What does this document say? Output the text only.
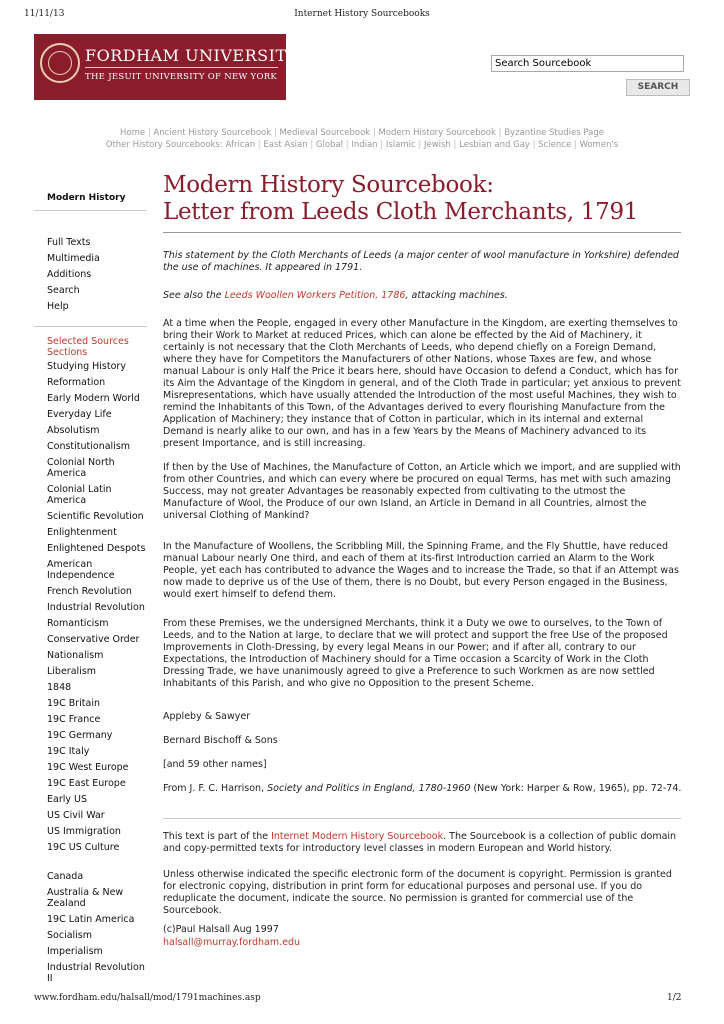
11/11/13	Internet History Sourcebooks
www.fordham.edu/halsall/mod/1791machines.asp	1/2
FORDHAM UNIVERSITY
THE JESUIT UNIVERSITY OF NEW YORK
Search Sourcebook
SEARCH
Home | Ancient History Sourcebook | Medieval Sourcebook | Modern History Sourcebook | Byzantine Studies Page
Other History Sourcebooks: African | East Asian | Global | Indian | Islamic | Jewish | Lesbian and Gay | Science | Women's
Modern History
Full Texts
Multimedia
Additions
Search
Help
Selected Sources Sections
Studying History
Reformation
Early Modern World
Everyday Life
Absolutism
Constitutionalism
Colonial North America
Colonial Latin America
Scientific Revolution
Enlightenment
Enlightened Despots
American Independence
French Revolution
Industrial Revolution
Romanticism
Conservative Order
Nationalism
Liberalism
1848
19C Britain
19C France
19C Germany
19C Italy
19C West Europe
19C East Europe
Early US
US Civil War
US Immigration
19C US Culture
Canada
Australia & New Zealand
19C Latin America
Socialism
Imperialism
Industrial Revolution II
Modern History Sourcebook:
Letter from Leeds Cloth Merchants, 1791

This statement by the Cloth Merchants of Leeds (a major center of wool manufacture in Yorkshire) defended the use of machines. It appeared in 1791.

See also the Leeds Woollen Workers Petition, 1786, attacking machines.

At a time when the People, engaged in every other Manufacture in the Kingdom, are exerting themselves to bring their Work to Market at reduced Prices, which can alone be effected by the Aid of Machinery, it certainly is not necessary that the Cloth Merchants of Leeds, who depend chiefly on a Foreign Demand, where they have for Competitors the Manufacturers of other Nations, whose Taxes are few, and whose manual Labour is only Half the Price it bears here, should have Occasion to defend a Conduct, which has for its Aim the Advantage of the Kingdom in general, and of the Cloth Trade in particular; yet anxious to prevent Misrepresentations, which have usually attended the Introduction of the most useful Machines, they wish to remind the Inhabitants of this Town, of the Advantages derived to every flourishing Manufacture from the Application of Machinery; they instance that of Cotton in particular, which in its internal and external Demand is nearly alike to our own, and has in a few Years by the Means of Machinery advanced to its present Importance, and is still increasing.

If then by the Use of Machines, the Manufacture of Cotton, an Article which we import, and are supplied with from other Countries, and which can every where be procured on equal Terms, has met with such amazing Success, may not greater Advantages be reasonably expected from cultivating to the utmost the Manufacture of Wool, the Produce of our own Island, an Article in Demand in all Countries, almost the universal Clothing of Mankind?

In the Manufacture of Woollens, the Scribbling Mill, the Spinning Frame, and the Fly Shuttle, have reduced manual Labour nearly One third, and each of them at its-first Introduction carried an Alarm to the Work People, yet each has contributed to advance the Wages and to increase the Trade, so that if an Attempt was now made to deprive us of the Use of them, there is no Doubt, but every Person engaged in the Business, would exert himself to defend them.

From these Premises, we the undersigned Merchants, think it a Duty we owe to ourselves, to the Town of Leeds, and to the Nation at large, to declare that we will protect and support the free Use of the proposed Improvements in Cloth-Dressing, by every legal Means in our Power; and if after all, contrary to our Expectations, the Introduction of Machinery should for a Time occasion a Scarcity of Work in the Cloth Dressing Trade, we have unanimously agreed to give a Preference to such Workmen as are now settled Inhabitants of this Parish, and who give no Opposition to the present Scheme.

Appleby & Sawyer

Bernard Bischoff & Sons

[and 59 other names]

From J. F. C. Harrison, Society and Politics in England, 1780-1960 (New York: Harper & Row, 1965), pp. 72-74.

This text is part of the Internet Modern History Sourcebook. The Sourcebook is a collection of public domain and copy-permitted texts for introductory level classes in modern European and World history.

Unless otherwise indicated the specific electronic form of the document is copyright. Permission is granted for electronic copying, distribution in print form for educational purposes and personal use. If you do reduplicate the document, indicate the source. No permission is granted for commercial use of the Sourcebook.

(c)Paul Halsall Aug 1997

halsall@murray.fordham.edu
